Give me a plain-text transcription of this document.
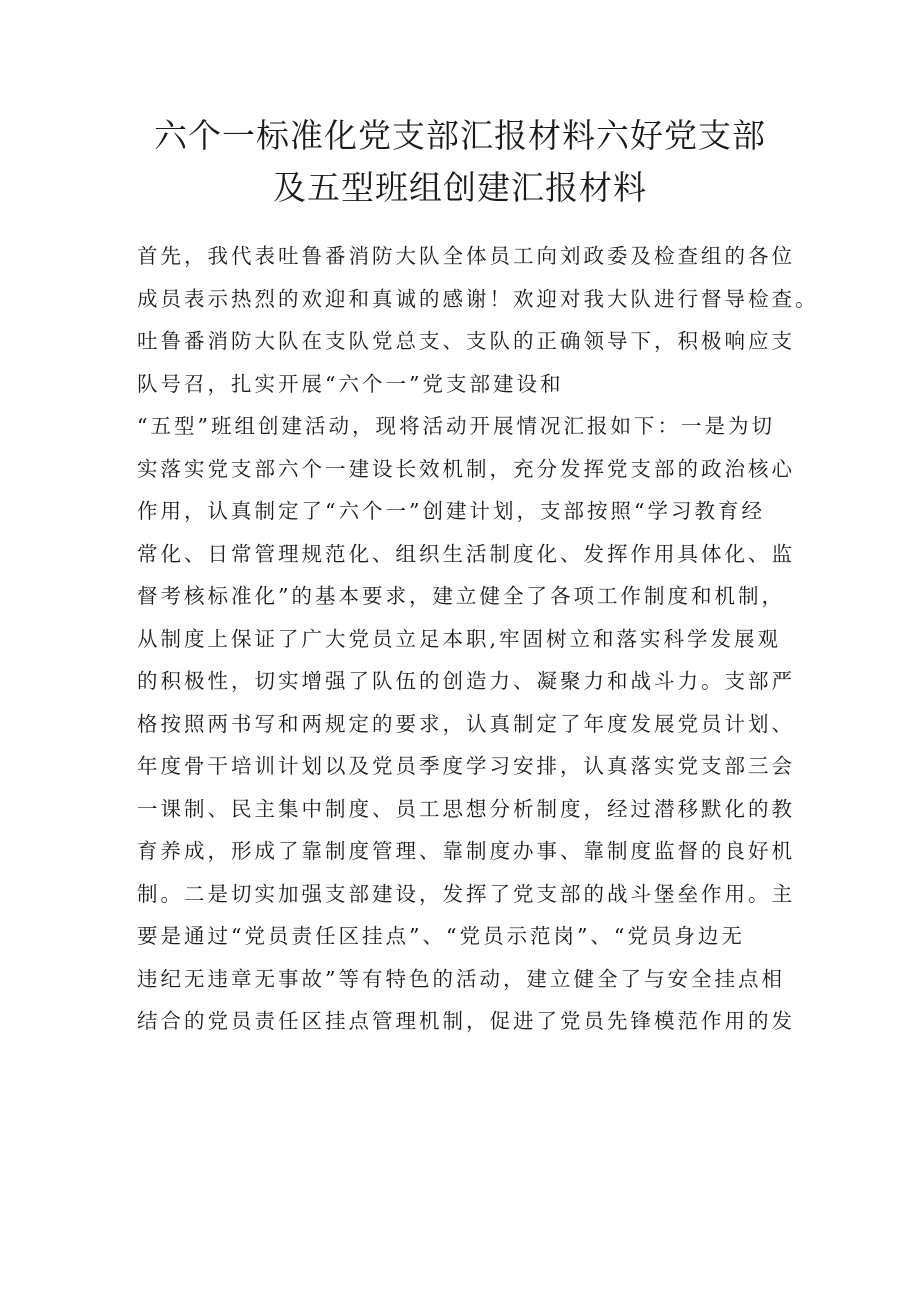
六个一标准化党支部汇报材料六好党支部
及五型班组创建汇报材料
首先，我代表吐鲁番消防大队全体员工向刘政委及检查组的各位
成员表示热烈的欢迎和真诚的感谢！欢迎对我大队进行督导检查。
吐鲁番消防大队在支队党总支、支队的正确领导下，积极响应支
队号召，扎实开展“六个一”党支部建设和
“五型”班组创建活动，现将活动开展情况汇报如下：一是为切
实落实党支部六个一建设长效机制，充分发挥党支部的政治核心
作用，认真制定了“六个一”创建计划，支部按照“学习教育经
常化、日常管理规范化、组织生活制度化、发挥作用具体化、监
督考核标准化”的基本要求，建立健全了各项工作制度和机制，
从制度上保证了广大党员立足本职,牢固树立和落实科学发展观
的积极性，切实增强了队伍的创造力、凝聚力和战斗力。支部严
格按照两书写和两规定的要求，认真制定了年度发展党员计划、
年度骨干培训计划以及党员季度学习安排，认真落实党支部三会
一课制、民主集中制度、员工思想分析制度，经过潜移默化的教
育养成，形成了靠制度管理、靠制度办事、靠制度监督的良好机
制。二是切实加强支部建设，发挥了党支部的战斗堡垒作用。主
要是通过“党员责任区挂点”、“党员示范岗”、“党员身边无
违纪无违章无事故”等有特色的活动，建立健全了与安全挂点相
结合的党员责任区挂点管理机制，促进了党员先锋模范作用的发
